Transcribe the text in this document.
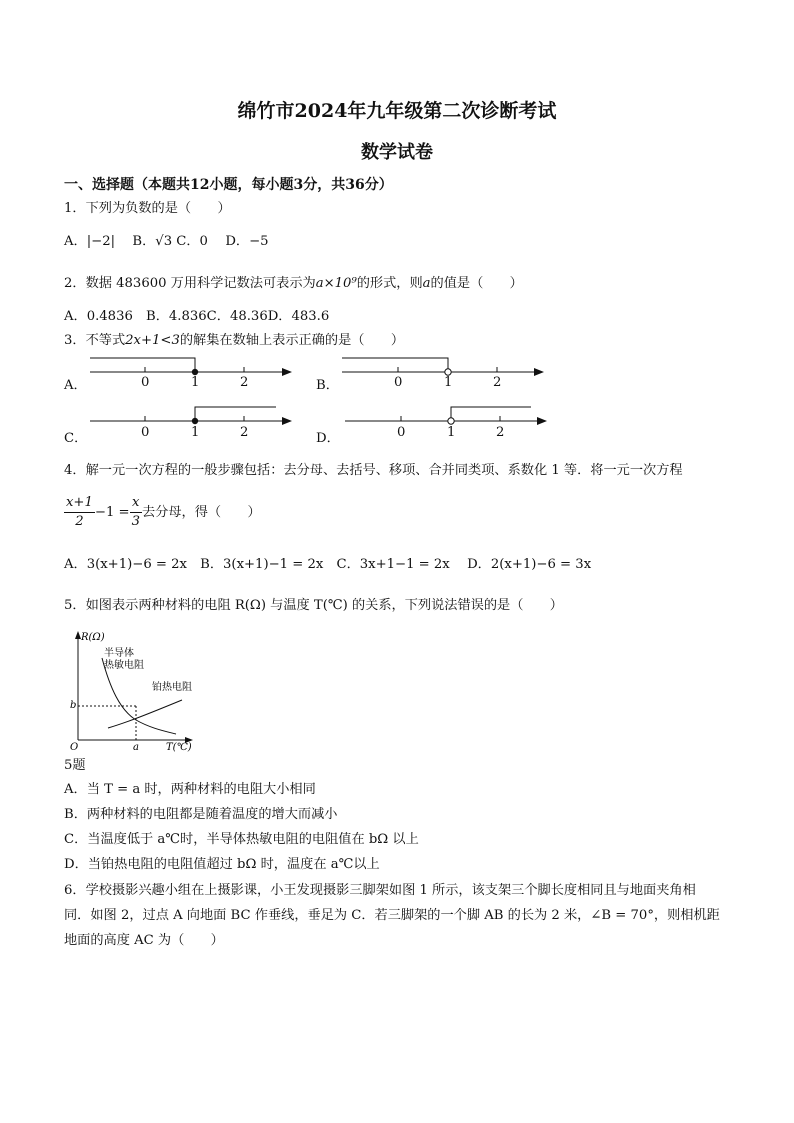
绵竹市2024年九年级第二次诊断考试
数学试卷
一、选择题（本题共12小题，每小题3分，共36分）
1．下列为负数的是（　　）
A．|−2|　 B．√3 C．0　 D．−5
2．数据 483600 万用科学记数法可表示为a×10⁹的形式，则a的值是（　　）
A．0.4836　B．4.836C．48.36D．483.6
3．不等式2x+1<3的解集在数轴上表示正确的是（　　）
A．	B．
C．	D．
0	1	2	0	1	2
0	1	2	0	1	2
4．解一元一次方程的一般步骤包括：去分母、去括号、移项、合并同类项、系数化 1 等．将一元一次方程
$\frac{x+1}{2} -1 = \frac{x}{3}$ 去分母，得（　　）
A．3(x+1)−6 = 2x　B．3(x+1)−1 = 2x　C．3x+1−1 = 2x　 D．2(x+1)−6 = 3x
5．如图表示两种材料的电阻 R(Ω) 与温度 T(℃) 的关系，下列说法错误的是（　　）
R(Ω)
半导体
热敏电阻
铂热电阻
b
O	a	T(℃)
5题
A．当 T = a 时，两种材料的电阻大小相同
B．两种材料的电阻都是随着温度的增大而减小
C．当温度低于 a℃时，半导体热敏电阻的电阻值在 bΩ 以上
D．当铂热电阻的电阻值超过 bΩ 时，温度在 a℃以上
6．学校摄影兴趣小组在上摄影课，小王发现摄影三脚架如图 1 所示，该支架三个脚长度相同且与地面夹角相
同．如图 2，过点 A 向地面 BC 作垂线，垂足为 C．若三脚架的一个脚 AB 的长为 2 米，∠B = 70°，则相机距
地面的高度 AC 为（　　）
